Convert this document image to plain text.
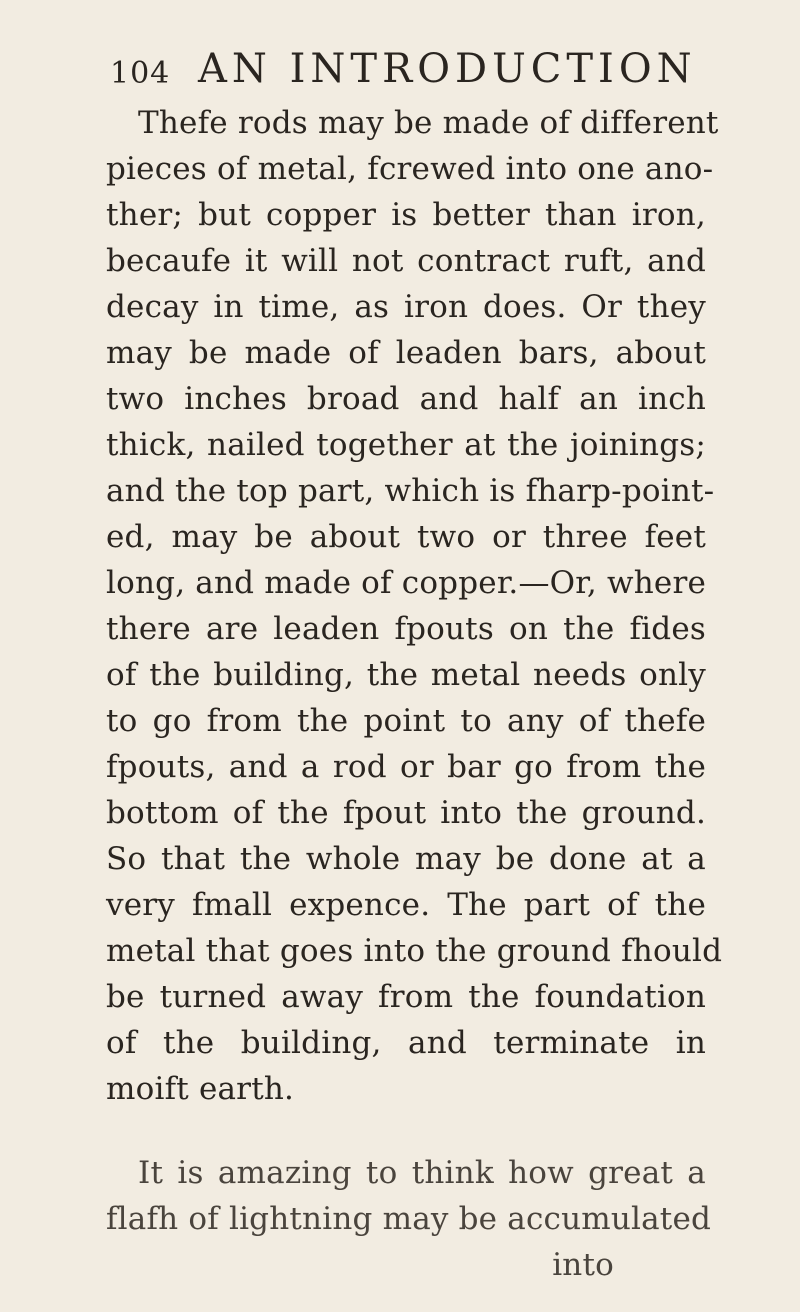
104 AN INTRODUCTION
Thefe rods may be made of different
pieces of metal, fcrewed into one ano-
ther; but copper is better than iron,
becaufe it will not contract ruft, and
decay in time, as iron does. Or they
may be made of leaden bars, about
two inches broad and half an inch
thick, nailed together at the joinings;
and the top part, which is fharp-point-
ed, may be about two or three feet
long, and made of copper.—Or, where
there are leaden fpouts on the fides
of the building, the metal needs only
to go from the point to any of thefe
fpouts, and a rod or bar go from the
bottom of the fpout into the ground.
So that the whole may be done at a
very fmall expence. The part of the
metal that goes into the ground fhould
be turned away from the foundation
of the building, and terminate in
moift earth.
It is amazing to think how great a
flafh of lightning may be accumulated
into
